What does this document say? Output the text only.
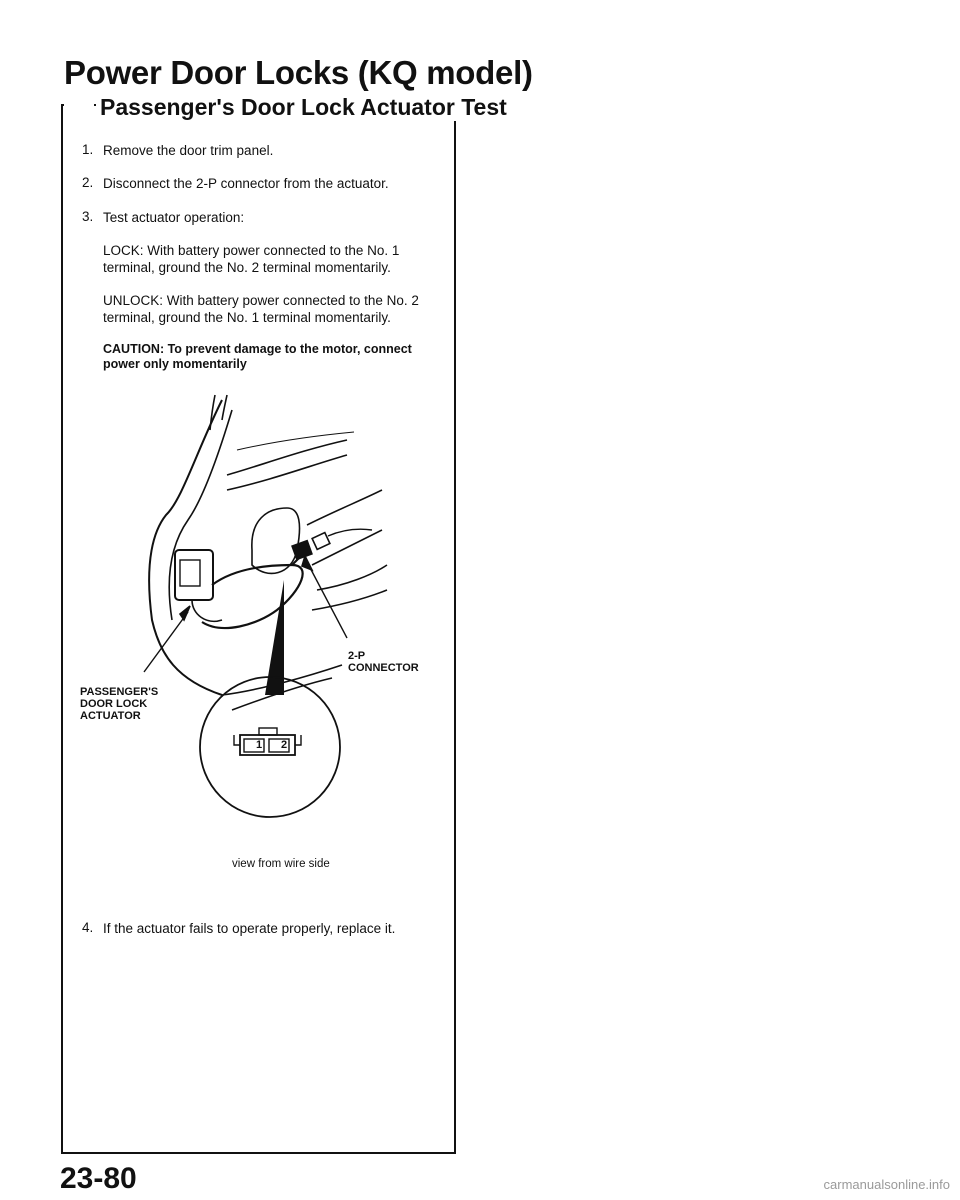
Power Door Locks (KQ model)
Passenger's Door Lock Actuator Test
1. Remove the door trim panel.
2. Disconnect the 2-P connector from the actuator.
3. Test actuator operation:
LOCK: With battery power connected to the No. 1 terminal, ground the No. 2 terminal momentarily.
UNLOCK: With battery power connected to the No. 2 terminal, ground the No. 1 terminal momentarily.
CAUTION: To prevent damage to the motor, connect power only momentarily
1 2
2-P
CONNECTOR
PASSENGER'S
DOOR LOCK
ACTUATOR
view from wire side
4. If the actuator fails to operate properly, replace it.
23-80	carmanualsonline.info
